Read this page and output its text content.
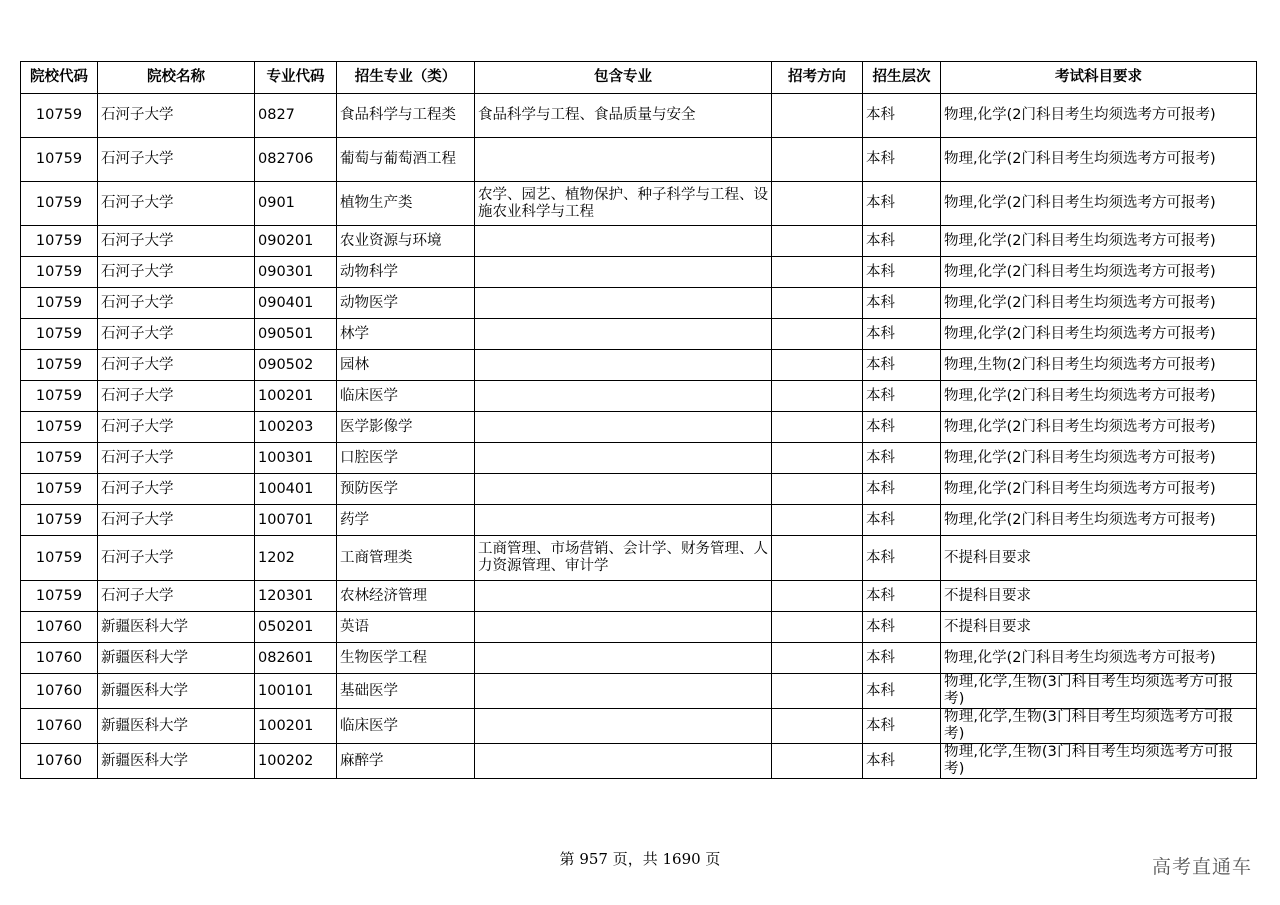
院校代码	院校名称	专业代码	招生专业（类）	包含专业	招考方向	招生层次	考试科目要求
10759	石河子大学	0827	食品科学与工程类	食品科学与工程、食品质量与安全		本科	物理,化学(2门科目考生均须选考方可报考)
10759	石河子大学	082706	葡萄与葡萄酒工程			本科	物理,化学(2门科目考生均须选考方可报考)
10759	石河子大学	0901	植物生产类	农学、园艺、植物保护、种子科学与工程、设施农业科学与工程		本科	物理,化学(2门科目考生均须选考方可报考)
10759	石河子大学	090201	农业资源与环境			本科	物理,化学(2门科目考生均须选考方可报考)
10759	石河子大学	090301	动物科学			本科	物理,化学(2门科目考生均须选考方可报考)
10759	石河子大学	090401	动物医学			本科	物理,化学(2门科目考生均须选考方可报考)
10759	石河子大学	090501	林学			本科	物理,化学(2门科目考生均须选考方可报考)
10759	石河子大学	090502	园林			本科	物理,生物(2门科目考生均须选考方可报考)
10759	石河子大学	100201	临床医学			本科	物理,化学(2门科目考生均须选考方可报考)
10759	石河子大学	100203	医学影像学			本科	物理,化学(2门科目考生均须选考方可报考)
10759	石河子大学	100301	口腔医学			本科	物理,化学(2门科目考生均须选考方可报考)
10759	石河子大学	100401	预防医学			本科	物理,化学(2门科目考生均须选考方可报考)
10759	石河子大学	100701	药学			本科	物理,化学(2门科目考生均须选考方可报考)
10759	石河子大学	1202	工商管理类	工商管理、市场营销、会计学、财务管理、人力资源管理、审计学		本科	不提科目要求
10759	石河子大学	120301	农林经济管理			本科	不提科目要求
10760	新疆医科大学	050201	英语			本科	不提科目要求
10760	新疆医科大学	082601	生物医学工程			本科	物理,化学(2门科目考生均须选考方可报考)
10760	新疆医科大学	100101	基础医学			本科	物理,化学,生物(3门科目考生均须选考方可报考)
10760	新疆医科大学	100201	临床医学			本科	物理,化学,生物(3门科目考生均须选考方可报考)
10760	新疆医科大学	100202	麻醉学			本科	物理,化学,生物(3门科目考生均须选考方可报考)
第 957 页，共 1690 页	高考直通车
